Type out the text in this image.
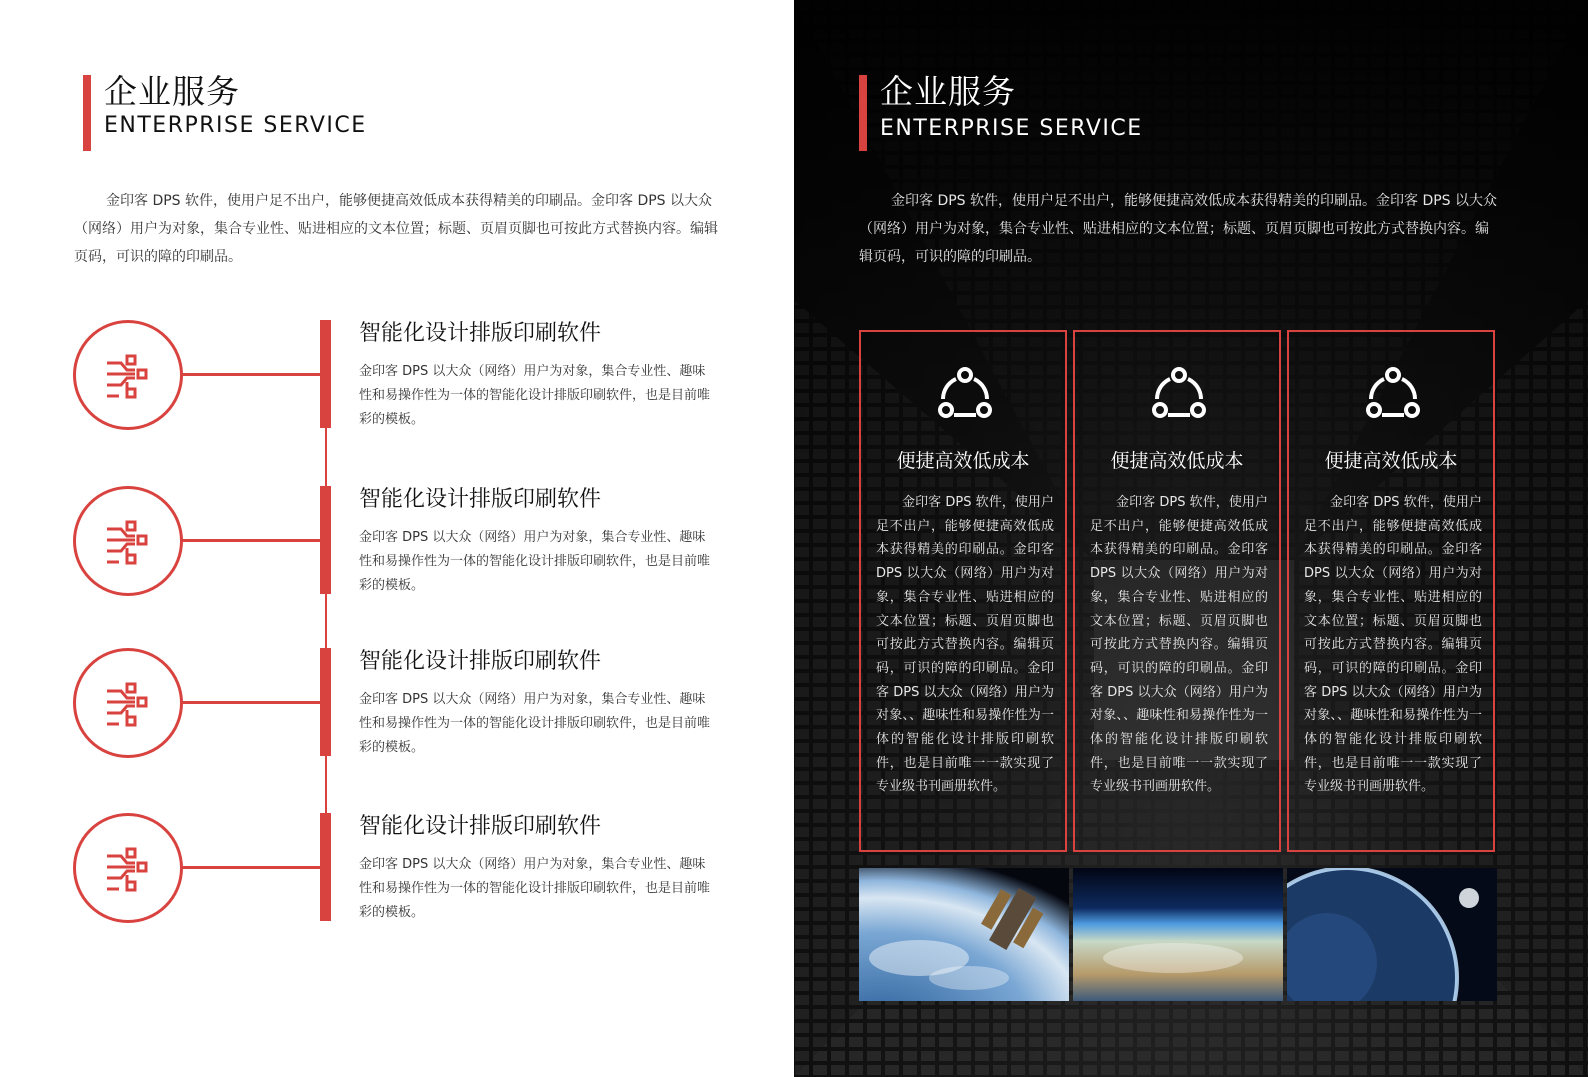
企业服务
ENTERPRISE SERVICE

金印客 DPS 软件，使用户足不出户，能够便捷高效低成本获得精美的印刷品。金印客 DPS 以大众（网络）用户为对象，集合专业性、贴进相应的文本位置；标题、页眉页脚也可按此方式替换内容。编辑页码，可识的障的印刷品。

智能化设计排版印刷软件
金印客 DPS 以大众（网络）用户为对象，集合专业性、趣味性和易操作性为一体的智能化设计排版印刷软件，也是目前唯彩的模板。
智能化设计排版印刷软件
金印客 DPS 以大众（网络）用户为对象，集合专业性、趣味性和易操作性为一体的智能化设计排版印刷软件，也是目前唯彩的模板。
智能化设计排版印刷软件
金印客 DPS 以大众（网络）用户为对象，集合专业性、趣味性和易操作性为一体的智能化设计排版印刷软件，也是目前唯彩的模板。
智能化设计排版印刷软件
金印客 DPS 以大众（网络）用户为对象，集合专业性、趣味性和易操作性为一体的智能化设计排版印刷软件，也是目前唯彩的模板。
企业服务
ENTERPRISE SERVICE

金印客 DPS 软件，使用户足不出户，能够便捷高效低成本获得精美的印刷品。金印客 DPS 以大众（网络）用户为对象，集合专业性、贴进相应的文本位置；标题、页眉页脚也可按此方式替换内容。编辑页码，可识的障的印刷品。

便捷高效低成本
金印客 DPS 软件，使用户足不出户，能够便捷高效低成本获得精美的印刷品。金印客 DPS 以大众（网络）用户为对象，集合专业性、贴进相应的文本位置；标题、页眉页脚也可按此方式替换内容。编辑页码，可识的障的印刷品。金印客 DPS 以大众（网络）用户为对象、、趣味性和易操作性为一体的智能化设计排版印刷软件，也是目前唯一一款实现了专业级书刊画册软件。
便捷高效低成本
金印客 DPS 软件，使用户足不出户，能够便捷高效低成本获得精美的印刷品。金印客 DPS 以大众（网络）用户为对象，集合专业性、贴进相应的文本位置；标题、页眉页脚也可按此方式替换内容。编辑页码，可识的障的印刷品。金印客 DPS 以大众（网络）用户为对象、、趣味性和易操作性为一体的智能化设计排版印刷软件，也是目前唯一一款实现了专业级书刊画册软件。
便捷高效低成本
金印客 DPS 软件，使用户足不出户，能够便捷高效低成本获得精美的印刷品。金印客 DPS 以大众（网络）用户为对象，集合专业性、贴进相应的文本位置；标题、页眉页脚也可按此方式替换内容。编辑页码，可识的障的印刷品。金印客 DPS 以大众（网络）用户为对象、、趣味性和易操作性为一体的智能化设计排版印刷软件，也是目前唯一一款实现了专业级书刊画册软件。
